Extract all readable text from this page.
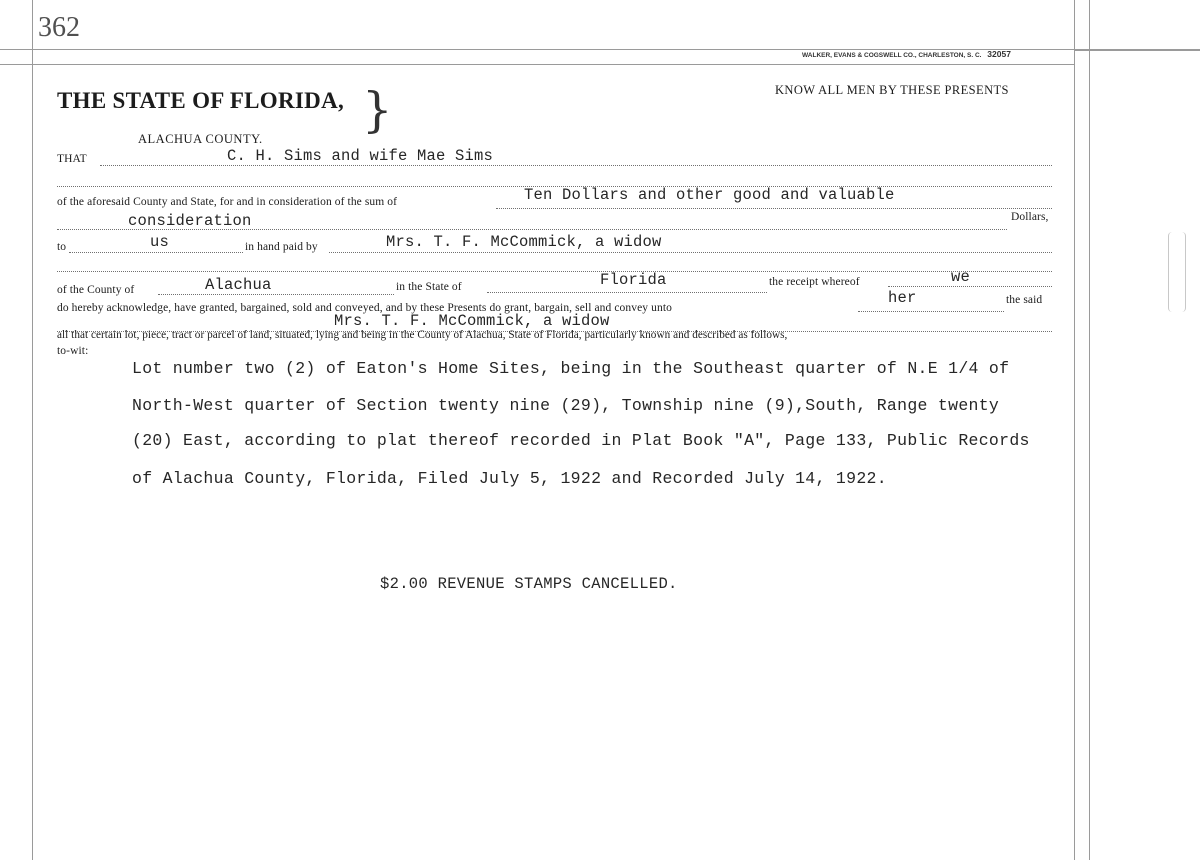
362
WALKER, EVANS & COGSWELL CO., CHARLESTON, S. C. 32057
THE STATE OF FLORIDA, }
ALACHUA COUNTY.
KNOW ALL MEN BY THESE PRESENTS
THAT	C. H. Sims and wife Mae Sims
of the aforesaid County and State, for and in consideration of the sum of	Ten Dollars and other good and valuable
consideration	Dollars,
to	us	in hand paid by	Mrs. T. F. McCommick, a widow
of the County of	Alachua	in the State of	Florida	the receipt whereof	we
do hereby acknowledge, have granted, bargained, sold and conveyed, and by these Presents do grant, bargain, sell and convey unto
her	the said
Mrs. T. F. McCommick, a widow
all that certain lot, piece, tract or parcel of land, situated, lying and being in the County of Alachua, State of Florida, particularly known and described as follows,
to-wit:
Lot number two (2) of Eaton's Home Sites, being in the Southeast quarter of N.E 1/4 of
North-West quarter of Section twenty nine (29), Township nine (9),South, Range twenty
(20) East, according to plat thereof recorded in Plat Book "A", Page 133, Public Records
of Alachua County, Florida, Filed July 5, 1922 and Recorded July 14, 1922.
$2.00 REVENUE STAMPS CANCELLED.
